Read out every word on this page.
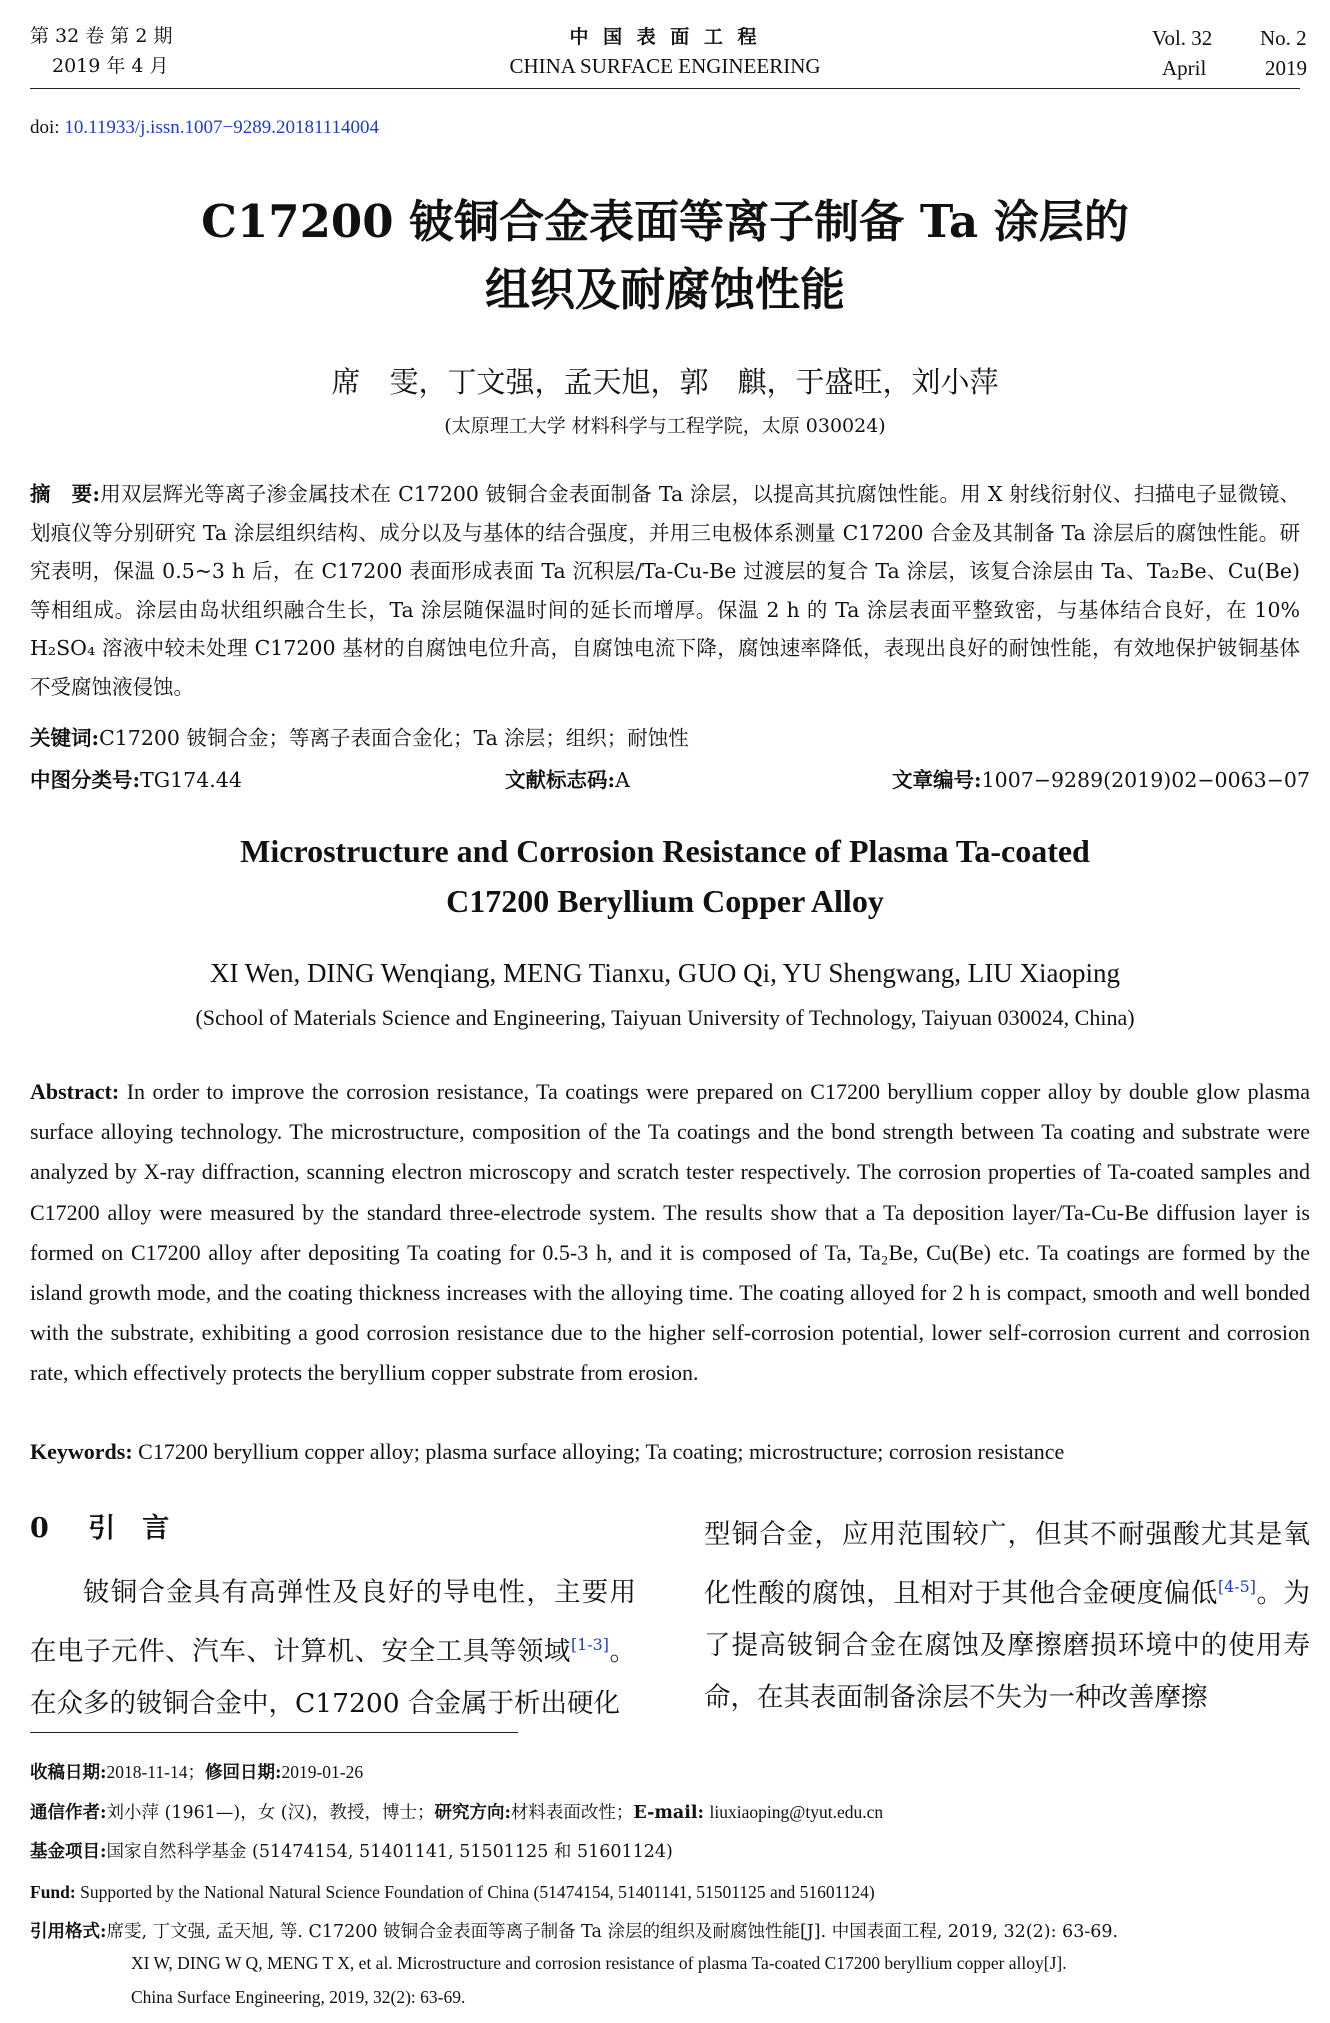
第 32 卷 第 2 期
2019 年 4 月
中 国 表 面 工 程
CHINA SURFACE ENGINEERING
Vol. 32 No. 2
April	2019
doi: 10.11933/j.issn.1007−9289.20181114004
C17200 铍铜合金表面等离子制备 Ta 涂层的
组织及耐腐蚀性能
席　雯，丁文强，孟天旭，郭　麒，于盛旺，刘小萍
(太原理工大学 材料科学与工程学院，太原 030024)
摘　要:用双层辉光等离子渗金属技术在 C17200 铍铜合金表面制备 Ta 涂层，以提高其抗腐蚀性能。用 X 射线衍射仪、扫描电子显微镜、划痕仪等分别研究 Ta 涂层组织结构、成分以及与基体的结合强度，并用三电极体系测量 C17200 合金及其制备 Ta 涂层后的腐蚀性能。研究表明，保温 0.5~3 h 后，在 C17200 表面形成表面 Ta 沉积层/Ta-Cu-Be 过渡层的复合 Ta 涂层，该复合涂层由 Ta、Ta₂Be、Cu(Be) 等相组成。涂层由岛状组织融合生长，Ta 涂层随保温时间的延长而增厚。保温 2 h 的 Ta 涂层表面平整致密，与基体结合良好，在 10% H₂SO₄ 溶液中较未处理 C17200 基材的自腐蚀电位升高，自腐蚀电流下降，腐蚀速率降低，表现出良好的耐蚀性能，有效地保护铍铜基体不受腐蚀液侵蚀。
关键词:C17200 铍铜合金；等离子表面合金化；Ta 涂层；组织；耐蚀性
中图分类号:TG174.44	文献标志码:A	文章编号:1007−9289(2019)02−0063−07
Microstructure and Corrosion Resistance of Plasma Ta-coated
C17200 Beryllium Copper Alloy
XI Wen, DING Wenqiang, MENG Tianxu, GUO Qi, YU Shengwang, LIU Xiaoping
(School of Materials Science and Engineering, Taiyuan University of Technology, Taiyuan 030024, China)
Abstract: In order to improve the corrosion resistance, Ta coatings were prepared on C17200 beryllium copper alloy by double glow plasma surface alloying technology. The microstructure, composition of the Ta coatings and the bond strength between Ta coating and substrate were analyzed by X-ray diffraction, scanning electron microscopy and scratch tester respectively. The corrosion properties of Ta-coated samples and C17200 alloy were measured by the standard three-electrode system. The results show that a Ta deposition layer/Ta-Cu-Be diffusion layer is formed on C17200 alloy after depositing Ta coating for 0.5-3 h, and it is composed of Ta, Ta₂Be, Cu(Be) etc. Ta coatings are formed by the island growth mode, and the coating thickness increases with the alloying time. The coating alloyed for 2 h is compact, smooth and well bonded with the substrate, exhibiting a good corrosion resistance due to the higher self-corrosion potential, lower self-corrosion current and corrosion rate, which effectively protects the beryllium copper substrate from erosion.
Keywords: C17200 beryllium copper alloy; plasma surface alloying; Ta coating; microstructure; corrosion resistance
0 引　言
铍铜合金具有高弹性及良好的导电性，主要用在电子元件、汽车、计算机、安全工具等领域[1-3]。在众多的铍铜合金中，C17200 合金属于析出硬化
型铜合金，应用范围较广，但其不耐强酸尤其是氧化性酸的腐蚀，且相对于其他合金硬度偏低[4-5]。为了提高铍铜合金在腐蚀及摩擦磨损环境中的使用寿命，在其表面制备涂层不失为一种改善摩擦
收稿日期:2018-11-14；修回日期:2019-01-26
通信作者:刘小萍 (1961—)，女 (汉)，教授，博士；研究方向:材料表面改性；E-mail: liuxiaoping@tyut.edu.cn
基金项目:国家自然科学基金 (51474154, 51401141, 51501125 和 51601124)
Fund: Supported by the National Natural Science Foundation of China (51474154, 51401141, 51501125 and 51601124)
引用格式:席雯, 丁文强, 孟天旭, 等. C17200 铍铜合金表面等离子制备 Ta 涂层的组织及耐腐蚀性能[J]. 中国表面工程, 2019, 32(2): 63-69.
XI W, DING W Q, MENG T X, et al. Microstructure and corrosion resistance of plasma Ta-coated C17200 beryllium copper alloy[J].
China Surface Engineering, 2019, 32(2): 63-69.
